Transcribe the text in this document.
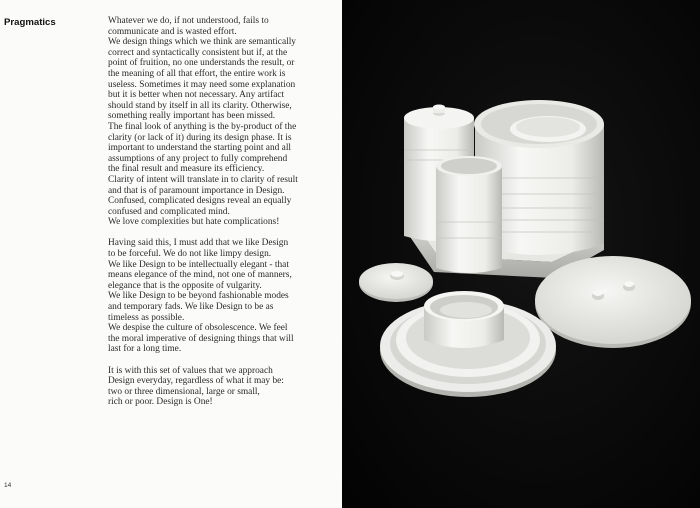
Pragmatics	Whatever we do, if not understood, fails to
communicate and is wasted effort.
We design things which we think are semantically
correct and syntactically consistent but if, at the
point of fruition, no one understands the result, or
the meaning of all that effort, the entire work is
useless. Sometimes it may need some explanation
but it is better when not necessary. Any artifact
should stand by itself in all its clarity. Otherwise,
something really important has been missed.
The final look of anything is the by-product of the
clarity (or lack of it) during its design phase. It is
important to understand the starting point and all
assumptions of any project to fully comprehend
the final result and measure its efficiency.
Clarity of intent will translate in to clarity of result
and that is of paramount importance in Design.
Confused, complicated designs reveal an equally
confused and complicated mind.
We love complexities but hate complications!

Having said this, I must add that we like Design
to be forceful. We do not like limpy design.
We like Design to be intellectually elegant - that
means elegance of the mind, not one of manners,
elegance that is the opposite of vulgarity.
We like Design to be beyond fashionable modes
and temporary fads. We like Design to be as
timeless as possible.
We despise the culture of obsolescence. We feel
the moral imperative of designing things that will
last for a long time.

It is with this set of values that we approach
Design everyday, regardless of what it may be:
two or three dimensional, large or small,
rich or poor. Design is One!

14
